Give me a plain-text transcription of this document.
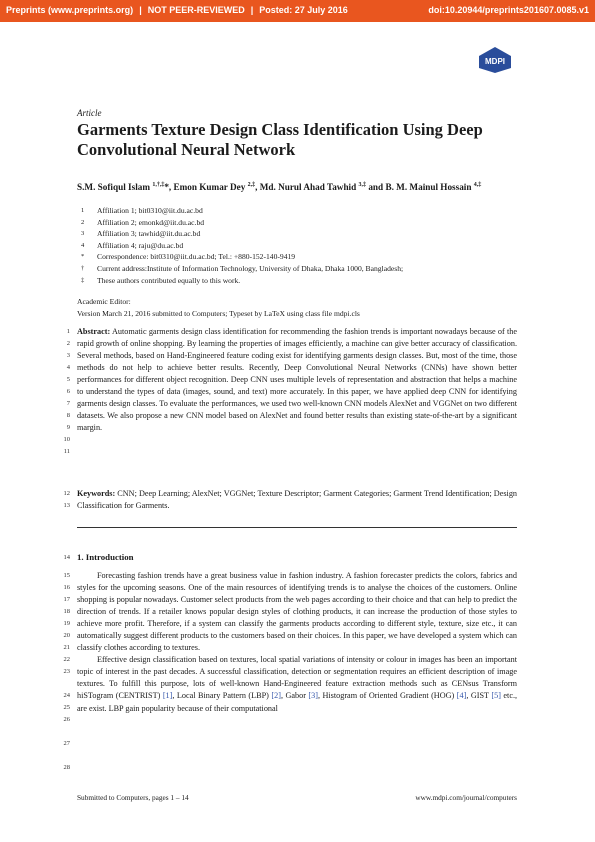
Preprints (www.preprints.org) | NOT PEER-REVIEWED | Posted: 27 July 2016	doi:10.20944/preprints201607.0085.v1
MDPI
Article
Garments Texture Design Class Identification Using Deep Convolutional Neural Network
S.M. Sofiqul Islam $^{1,\dagger,\ddagger}$*, Emon Kumar Dey $^{2,\ddagger}$, Md. Nurul Ahad Tawhid $^{3,\ddagger}$ and B. M. Mainul Hossain $^{4,\ddagger}$
1	Affiliation 1; bit0310@iit.du.ac.bd
2	Affiliation 2; emonkd@iit.du.ac.bd
3	Affiliation 3; tawhid@iit.du.ac.bd
4	Affiliation 4; raju@du.ac.bd
*	Correspondence: bit0310@iit.du.ac.bd; Tel.: +880-152-140-9419
†	Current address:Institute of Information Technology, University of Dhaka, Dhaka 1000, Bangladesh;
‡	These authors contributed equally to this work.
Academic Editor:
Version March 21, 2016 submitted to Computers; Typeset by LaTeX using class file mdpi.cls
Abstract: Automatic garments design class identification for recommending the fashion trends is important nowadays because of the rapid growth of online shopping. By learning the properties of images efficiently, a machine can give better accuracy of classification. Several methods, based on Hand-Engineered feature coding exist for identifying garments design classes. But, most of the time, those methods do not help to achieve better results. Recently, Deep Convolutional Neural Networks (CNNs) have shown better performances for different object recognition. Deep CNN uses multiple levels of representation and abstraction that helps a machine to understand the types of data (images, sound, and text) more accurately. In this paper, we have applied deep CNN for identifying garments design classes. To evaluate the performances, we used two well-known CNN models AlexNet and VGGNet on two different datasets. We also propose a new CNN model based on AlexNet and found better results than existing state-of-the-art by a significant margin.
Keywords: CNN; Deep Learning; AlexNet; VGGNet; Texture Descriptor; Garment Categories; Garment Trend Identification; Design Classification for Garments.
1. Introduction

Forecasting fashion trends have a great business value in fashion industry. A fashion forecaster predicts the colors, fabrics and styles for the upcoming seasons. One of the main resources of identifying trends is to analyse the choices of the customers. Online shopping is popular nowadays. Customer select products from the web pages according to their choice and that can help to predict the direction of trends. If a retailer knows popular design styles of clothing products, it can increase the production of those styles to achieve more profit. Therefore, if a system can classify the garments products according to different style, texture, size etc., it can automatically suggest different products to the customers based on their choices. In this paper, we have developed a system which can classify clothes according to textures.

Effective design classification based on textures, local spatial variations of intensity or colour in images has been an important topic of interest in the past decades. A successful classification, detection or segmentation requires an efficient description of image textures. To fulfill this purpose, lots of well-known Hand-Engineered feature extraction methods such as CENsus Transform hiSTogram (CENTRIST) [1], Local Binary Pattern (LBP) [2], Gabor [3], Histogram of Oriented Gradient (HOG) [4], GIST [5] etc., are exist. LBP gain popularity because of their computational

1
2
3
4
5
6
7
8
9
10
11
12
13
14
15
16
17
18
19
20
21
22
23
24
25
26
27
28
Submitted to Computers, pages 1 – 14	www.mdpi.com/journal/computers
